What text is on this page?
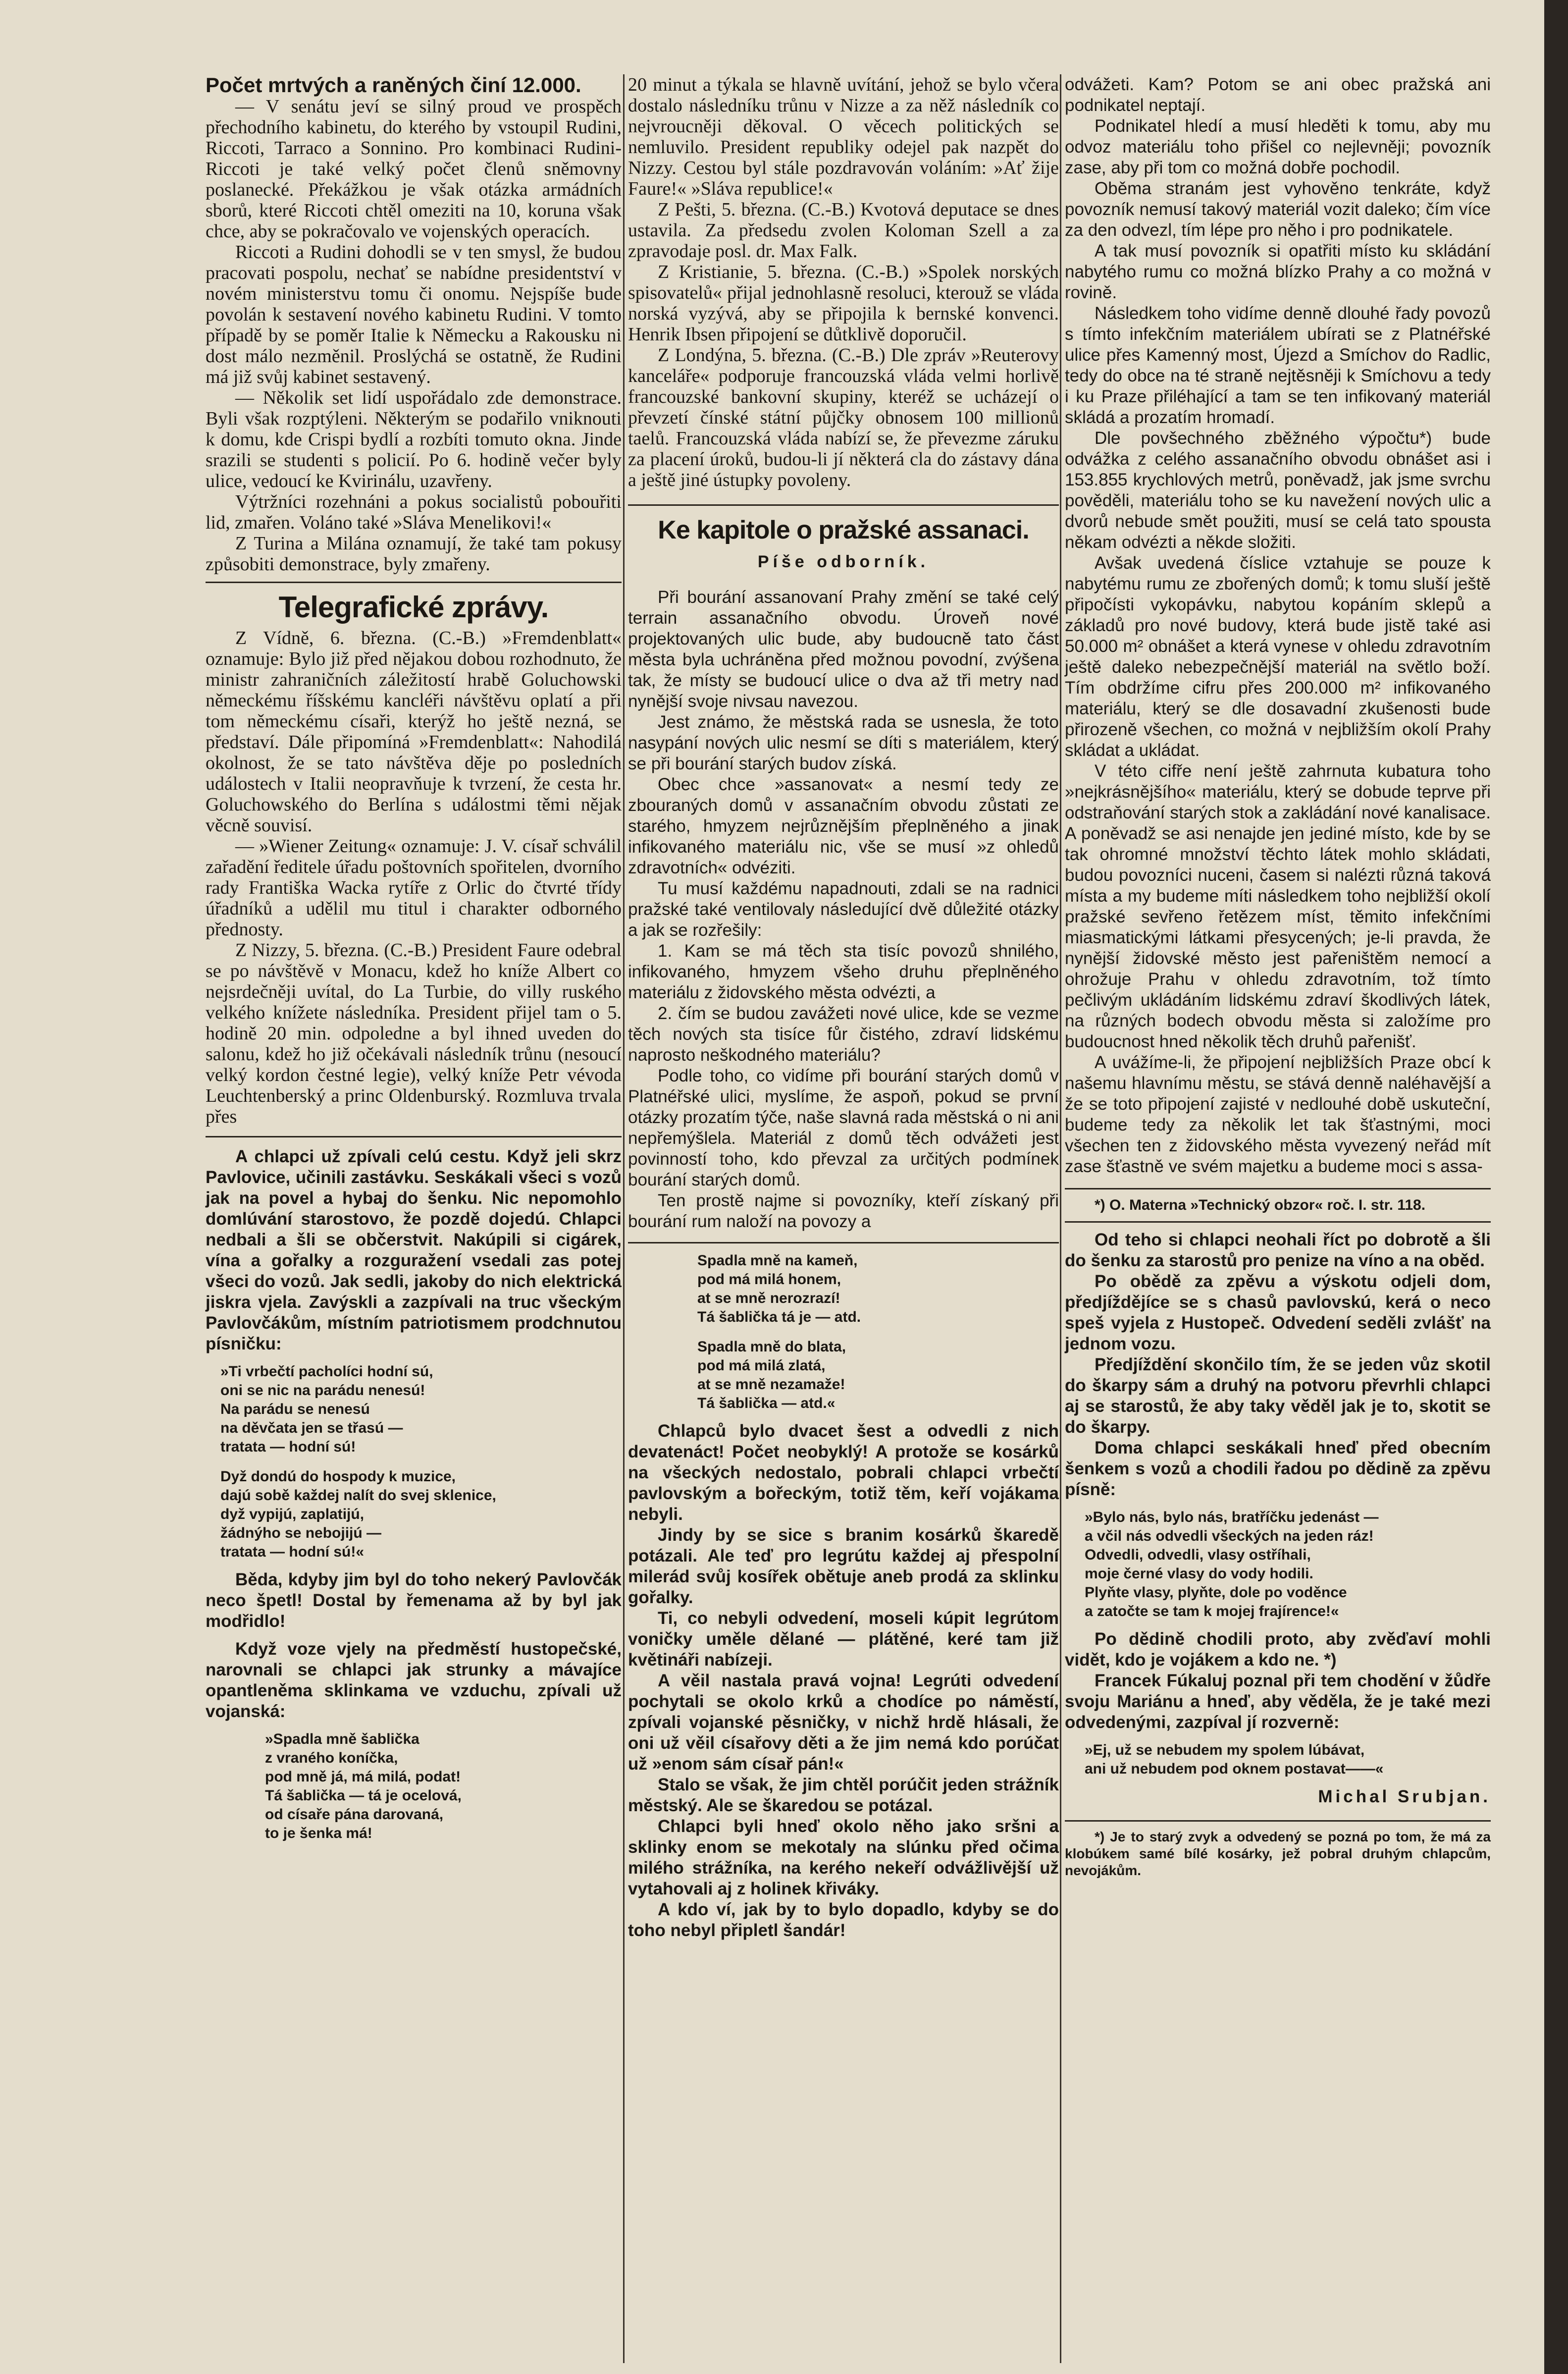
Počet mrtvých a raněných činí 12.000.

— V senátu jeví se silný proud ve prospěch přechodního kabinetu, do kterého by vstoupil Rudini, Riccoti, Tarraco a Sonnino. Pro kombinaci Rudini-Riccoti je také velký počet členů sněmovny poslanecké. Překážkou je však otázka armádních sborů, které Riccoti chtěl omeziti na 10, koruna však chce, aby se pokračovalo ve vojenských operacích.

Riccoti a Rudini dohodli se v ten smysl, že budou pracovati pospolu, nechať se nabídne presidentství v novém ministerstvu tomu či onomu. Nejspíše bude povolán k sestavení nového kabinetu Rudini. V tomto případě by se poměr Italie k Německu a Rakousku ni dost málo nezměnil. Proslýchá se ostatně, že Rudini má již svůj kabinet sestavený.

— Několik set lidí uspořádalo zde demonstrace. Byli však rozptýleni. Některým se podařilo vniknouti k domu, kde Crispi bydlí a rozbíti tomuto okna. Jinde srazili se studenti s policií. Po 6. hodině večer byly ulice, vedoucí ke Kvirinálu, uzavřeny.

Výtržníci rozehnáni a pokus socialistů pobouřiti lid, zmařen. Voláno také »Sláva Menelikovi!«

Z Turina a Milána oznamují, že také tam pokusy způsobiti demonstrace, byly zmařeny.

Telegrafické zprávy.

Z Vídně, 6. března. (C.-B.) »Fremdenblatt« oznamuje: Bylo již před nějakou dobou rozhodnuto, že ministr zahraničních záležitostí hrabě Goluchowski německému říšskému kancléři návštěvu oplatí a při tom německému císaři, kterýž ho ještě nezná, se představí. Dále připomíná »Fremdenblatt«: Nahodilá okolnost, že se tato návštěva děje po posledních událostech v Italii neopravňuje k tvrzení, že cesta hr. Goluchowského do Berlína s událostmi těmi nějak věcně souvisí.

— »Wiener Zeitung« oznamuje: J. V. císař schválil zařadění ředitele úřadu poštovních spořitelen, dvorního rady Františka Wacka rytíře z Orlic do čtvrté třídy úřadníků a udělil mu titul i charakter odborného přednosty.

Z Nizzy, 5. března. (C.-B.) President Faure odebral se po návštěvě v Monacu, kdež ho kníže Albert co nejsrdečněji uvítal, do La Turbie, do villy ruského velkého knížete následníka. President přijel tam o 5. hodině 20 min. odpoledne a byl ihned uveden do salonu, kdež ho již očekávali následník trůnu (nesoucí velký kordon čestné legie), velký kníže Petr vévoda Leuchtenberský a princ Oldenburský. Rozmluva trvala přes

A chlapci už zpívali celú cestu. Když jeli skrz Pavlovice, učinili zastávku. Seskákali všeci s vozů jak na povel a hybaj do šenku. Nic nepomohlo domlúvání starostovo, že pozdě dojedú. Chlapci nedbali a šli se občerstvit. Nakúpili si cigárek, vína a gořalky a rozguražení vsedali zas potej všeci do vozů. Jak sedli, jakoby do nich elektrická jiskra vjela. Zavýskli a zazpívali na truc všeckým Pavlovčákům, místním patriotismem prodchnutou písničku:

»Ti vrbečtí pacholíci hodní sú,
oni se nic na parádu nenesú!
Na parádu se nenesú
na děvčata jen se třasú —
tratata — hodní sú!
Dyž dondú do hospody k muzice,
dajú sobě každej nalít do svej sklenice,
dyž vypijú, zaplatijú,
žádnýho se nebojijú —
tratata — hodní sú!«

Běda, kdyby jim byl do toho nekerý Pavlovčák neco špetl! Dostal by řemenama až by byl jak modřidlo!

Když voze vjely na předměstí hustopečské, narovnali se chlapci jak strunky a mávajíce opantleněma sklinkama ve vzduchu, zpívali už vojanská:

»Spadla mně šablička
z vraného koníčka,
pod mně já, má milá, podat!
Tá šablička — tá je ocelová,
od císaře pána darovaná,
to je šenka má!

20 minut a týkala se hlavně uvítání, jehož se bylo včera dostalo následníku trůnu v Nizze a za něž následník co nejvroucněji děkoval. O věcech politických se nemluvilo. President republiky odejel pak nazpět do Nizzy. Cestou byl stále pozdravován voláním: »Ať žije Faure!« »Sláva republice!«

Z Pešti, 5. března. (C.-B.) Kvotová deputace se dnes ustavila. Za předsedu zvolen Koloman Szell a za zpravodaje posl. dr. Max Falk.

Z Kristianie, 5. března. (C.-B.) »Spolek norských spisovatelů« přijal jednohlasně resoluci, kterouž se vláda norská vyzývá, aby se připojila k bernské konvenci. Henrik Ibsen připojení se důtklivě doporučil.

Z Londýna, 5. března. (C.-B.) Dle zpráv »Reuterovy kanceláře« podporuje francouzská vláda velmi horlivě francouzské bankovní skupiny, kteréž se ucházejí o převzetí čínské státní půjčky obnosem 100 millionů taelů. Francouzská vláda nabízí se, že převezme záruku za placení úroků, budou-li jí některá cla do zástavy dána a ještě jiné ústupky povoleny.

Ke kapitole o pražské assanaci.
Píše odborník.

Při bourání assanovaní Prahy změní se také celý terrain assanačního obvodu. Úroveň nové projektovaných ulic bude, aby budoucně tato část města byla uchráněna před možnou povodní, zvýšena tak, že místy se budoucí ulice o dva až tři metry nad nynější svoje nivsau navezou.

Jest známo, že městská rada se usnesla, že toto nasypání nových ulic nesmí se díti s materiálem, který se při bourání starých budov získá.

Obec chce »assanovat« a nesmí tedy ze zbouraných domů v assanačním obvodu zůstati ze starého, hmyzem nejrůznějším přeplněného a jinak infikovaného materiálu nic, vše se musí »z ohledů zdravotních« odvéziti.

Tu musí každému napadnouti, zdali se na radnici pražské také ventilovaly následující dvě důležité otázky a jak se rozřešily:

1. Kam se má těch sta tisíc povozů shnilého, infikovaného, hmyzem všeho druhu přeplněného materiálu z židovského města odvézti, a

2. čím se budou zavážeti nové ulice, kde se vezme těch nových sta tisíce fůr čistého, zdraví lidskému naprosto neškodného materiálu?

Podle toho, co vidíme při bourání starých domů v Platnéřské ulici, myslíme, že aspoň, pokud se první otázky prozatím týče, naše slavná rada městská o ni ani nepřemýšlela. Materiál z domů těch odvážeti jest povinností toho, kdo převzal za určitých podmínek bourání starých domů.

Ten prostě najme si povozníky, kteří získaný při bourání rum naloží na povozy a

Spadla mně na kameň,
pod má milá honem,
at se mně nerozrazí!
Tá šablička tá je — atd.
Spadla mně do blata,
pod má milá zlatá,
at se mně nezamaže!
Tá šablička — atd.«

Chlapců bylo dvacet šest a odvedli z nich devatenáct! Počet neobyklý! A protože se kosárků na všeckých nedostalo, pobrali chlapci vrbečtí pavlovským a bořeckým, totiž těm, keří vojákama nebyli.

Jindy by se sice s branim kosárků škaredě potázali. Ale teď pro legrútu každej aj přespolní milerád svůj kosířek obětuje aneb prodá za sklinku gořalky.

Ti, co nebyli odvedení, moseli kúpit legrútom voničky uměle dělané — plátěné, keré tam již květináři nabízeji.

A věil nastala pravá vojna! Legrúti odvedení pochytali se okolo krků a chodíce po náměstí, zpívali vojanské pěsničky, v nichž hrdě hlásali, že oni už věil císařovy děti a že jim nemá kdo porúčat už »enom sám císař pán!«

Stalo se však, že jim chtěl porúčit jeden strážník městský. Ale se škaredou se potázal.

Chlapci byli hneď okolo něho jako sršni a sklinky enom se mekotaly na slúnku před očima milého strážníka, na kerého nekeří odvážlivější už vytahovali aj z holinek křiváky.

A kdo ví, jak by to bylo dopadlo, kdyby se do toho nebyl připletl šandár!

odvážeti. Kam? Potom se ani obec pražská ani podnikatel neptají.

Podnikatel hledí a musí hleděti k tomu, aby mu odvoz materiálu toho přišel co nejlevněji; povozník zase, aby při tom co možná dobře pochodil.

Oběma stranám jest vyhověno tenkráte, když povozník nemusí takový materiál vozit daleko; čím více za den odvezl, tím lépe pro něho i pro podnikatele.

A tak musí povozník si opatřiti místo ku skládání nabytého rumu co možná blízko Prahy a co možná v rovině.

Následkem toho vidíme denně dlouhé řady povozů s tímto infekčním materiálem ubírati se z Platnéřské ulice přes Kamenný most, Újezd a Smíchov do Radlic, tedy do obce na té straně nejtěsněji k Smíchovu a tedy i ku Praze přiléhající a tam se ten infikovaný materiál skládá a prozatím hromadí.

Dle povšechného zběžného výpočtu*) bude odvážka z celého assanačního obvodu obnášet asi i 153.855 krychlových metrů, poněvadž, jak jsme svrchu pověděli, materiálu toho se ku navežení nových ulic a dvorů nebude smět použiti, musí se celá tato spousta někam odvézti a někde složiti.

Avšak uvedená číslice vztahuje se pouze k nabytému rumu ze zbořených domů; k tomu sluší ještě připočísti vykopávku, nabytou kopáním sklepů a základů pro nové budovy, která bude jistě také asi 50.000 m² obnášet a která vynese v ohledu zdravotním ještě daleko nebezpečnější materiál na světlo boží. Tím obdržíme cifru přes 200.000 m² infikovaného materiálu, který se dle dosavadní zkušenosti bude přirozeně všechen, co možná v nejbližším okolí Prahy skládat a ukládat.

V této cifře není ještě zahrnuta kubatura toho »nejkrásnějšího« materiálu, který se dobude teprve při odstraňování starých stok a zakládání nové kanalisace. A poněvadž se asi nenajde jen jediné místo, kde by se tak ohromné množství těchto látek mohlo skládati, budou povozníci nuceni, časem si nalézti různá taková místa a my budeme míti následkem toho nejbližší okolí pražské sevřeno řetězem míst, těmito infekčními miasmatickými látkami přesycených; je-li pravda, že nynější židovské město jest pařeništěm nemocí a ohrožuje Prahu v ohledu zdravotním, tož tímto pečlivým ukládáním lidskému zdraví škodlivých látek, na různých bodech obvodu města si založíme pro budoucnost hned několik těch druhů pařenišť.

A uvážíme-li, že připojení nejbližších Praze obcí k našemu hlavnímu městu, se stává denně naléhavější a že se toto připojení zajisté v nedlouhé době uskuteční, budeme tedy za několik let tak šťastnými, moci všechen ten z židovského města vyvezený neřád mít zase šťastně ve svém majetku a budeme moci s assa-

*) O. Materna »Technický obzor« roč. I. str. 118.

Od teho si chlapci neohali říct po dobrotě a šli do šenku za starostů pro penize na víno a na oběd.

Po obědě za zpěvu a výskotu odjeli dom, předjíždějíce se s chasů pavlovskú, kerá o neco speš vyjela z Hustopeč. Odvedení seděli zvlášť na jednom vozu.

Předjíždění skončilo tím, že se jeden vůz skotil do škarpy sám a druhý na potvoru převrhli chlapci aj se starostů, že aby taky věděl jak je to, skotit se do škarpy.

Doma chlapci seskákali hneď před obecním šenkem s vozů a chodili řadou po dědině za zpěvu písně:

»Bylo nás, bylo nás, bratříčku jedenást —
a včil nás odvedli všeckých na jeden ráz!
Odvedli, odvedli, vlasy ostříhali,
moje černé vlasy do vody hodili.
Plyňte vlasy, plyňte, dole po voděnce
a zatočte se tam k mojej frajírence!«

Po dědině chodili proto, aby zvěďaví mohli vidět, kdo je vojákem a kdo ne. *)

Francek Fúkaluj poznal při tem chodění v žůdře svoju Mariánu a hneď, aby věděla, že je také mezi odvedenými, zazpíval jí rozverně:

»Ej, už se nebudem my spolem lúbávat,
ani už nebudem pod oknem postavat——«
Michal Srubjan.

*) Je to starý zvyk a odvedený se pozná po tom, že má za klobúkem samé bílé kosárky, jež pobral druhým chlapcům, nevojákům.
